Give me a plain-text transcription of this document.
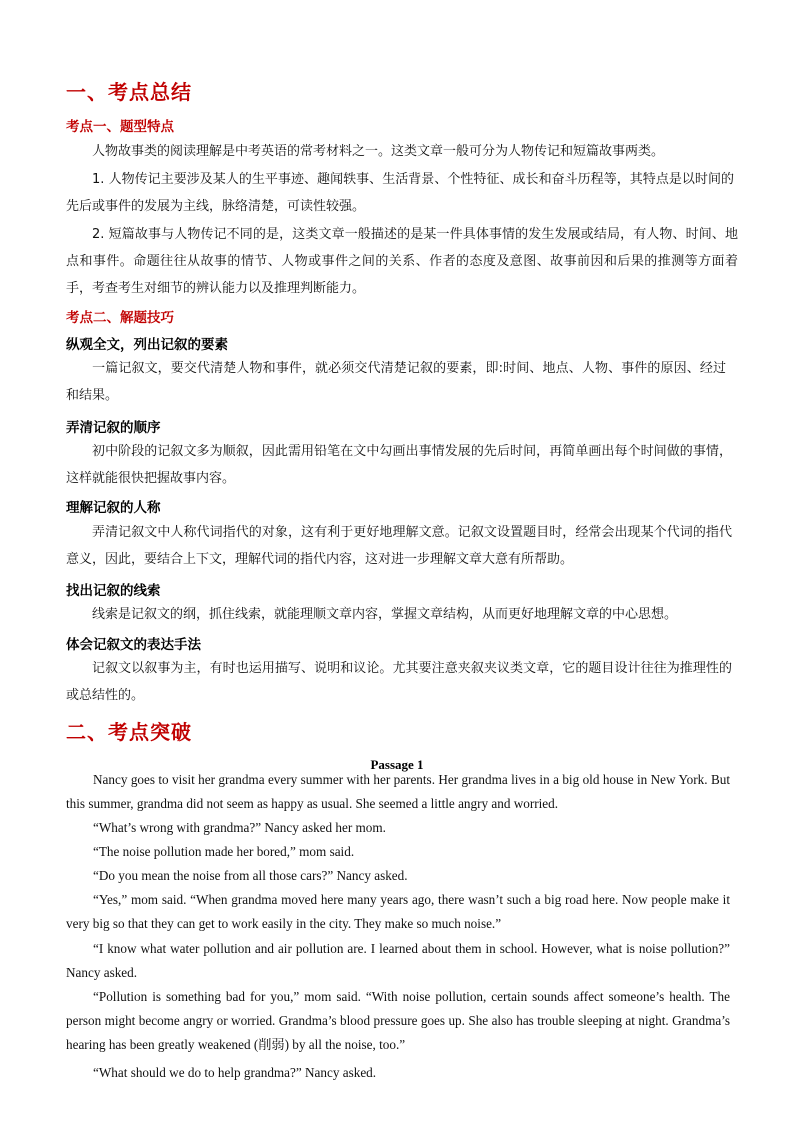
一、考点总结
考点一、题型特点
人物故事类的阅读理解是中考英语的常考材料之一。这类文章一般可分为人物传记和短篇故事两类。
1. 人物传记主要涉及某人的生平事迹、趣闻轶事、生活背景、个性特征、成长和奋斗历程等，其特点是以时间的先后或事件的发展为主线，脉络清楚，可读性较强。
2. 短篇故事与人物传记不同的是，这类文章一般描述的是某一件具体事情的发生发展或结局，有人物、时间、地点和事件。命题往往从故事的情节、人物或事件之间的关系、作者的态度及意图、故事前因和后果的推测等方面着手，考查考生对细节的辨认能力以及推理判断能力。
考点二、解题技巧
纵观全文，列出记叙的要素
一篇记叙文，要交代清楚人物和事件，就必须交代清楚记叙的要素，即:时间、地点、人物、事件的原因、经过和结果。
弄清记叙的顺序
初中阶段的记叙文多为顺叙，因此需用铅笔在文中勾画出事情发展的先后时间，再简单画出每个时间做的事情，这样就能很快把握故事内容。
理解记叙的人称
弄清记叙文中人称代词指代的对象，这有利于更好地理解文意。记叙文设置题目时，经常会出现某个代词的指代意义，因此，要结合上下文，理解代词的指代内容，这对进一步理解文章大意有所帮助。
找出记叙的线索
线索是记叙文的纲，抓住线索，就能理顺文章内容，掌握文章结构，从而更好地理解文章的中心思想。
体会记叙文的表达手法
记叙文以叙事为主，有时也运用描写、说明和议论。尤其要注意夹叙夹议类文章，它的题目设计往往为推理性的或总结性的。
二、考点突破
Passage 1
Nancy goes to visit her grandma every summer with her parents. Her grandma lives in a big old house in New York. But this summer, grandma did not seem as happy as usual. She seemed a little angry and worried.
“What’s wrong with grandma?” Nancy asked her mom.
“The noise pollution made her bored,” mom said.
“Do you mean the noise from all those cars?” Nancy asked.
“Yes,” mom said. “When grandma moved here many years ago, there wasn’t such a big road here. Now people make it very big so that they can get to work easily in the city. They make so much noise.”
“I know what water pollution and air pollution are. I learned about them in school. However, what is noise pollution?” Nancy asked.
“Pollution is something bad for you,” mom said. “With noise pollution, certain sounds affect someone’s health. The person might become angry or worried. Grandma’s blood pressure goes up. She also has trouble sleeping at night. Grandma’s hearing has been greatly weakened (削弱) by all the noise, too.”
“What should we do to help grandma?” Nancy asked.
